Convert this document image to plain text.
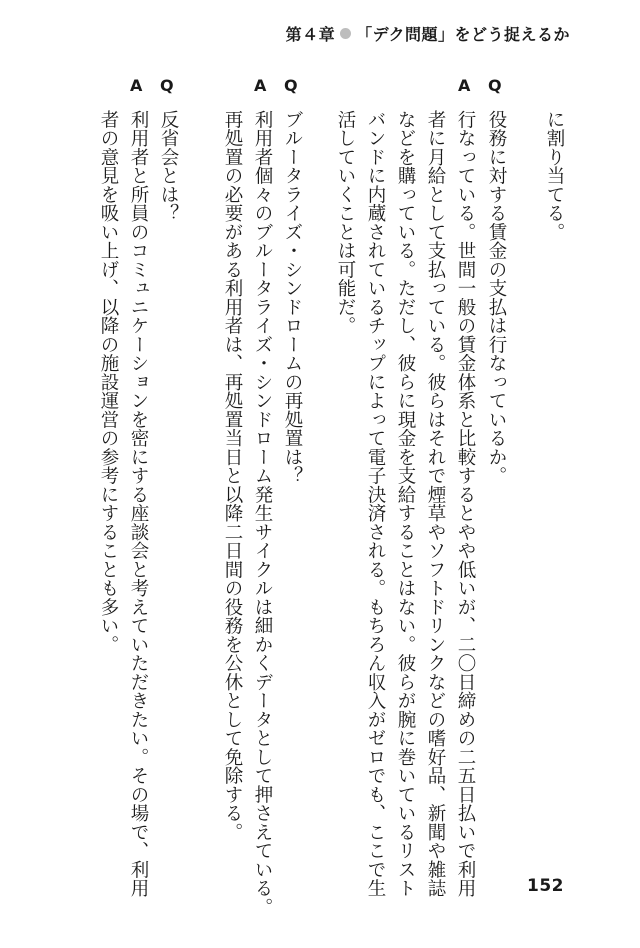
第４章 「デク問題」を どう捉えるか
Q
A
Q
A
Q
A
に割り当てる。
役務に対する賃金の支払は行なっているか。
行なっている。世間一般の賃金体系と比較するとやや低いが、二〇日締めの二五日払いで利用
者に月給として支払っている。彼らはそれで煙草やソフトドリンクなどの嗜好品、新聞や雑誌
などを購っている。ただし、彼らに現金を支給することはない。彼らが腕に巻いているリスト
バンドに内蔵されているチップによって電子決済される。もちろん収入がゼロでも、ここで生
活していくことは可能だ。
ブルータライズ・シンドロームの再処置は？
利用者個々のブルータライズ・シンドローム発生サイクルは細かくデータとして押さえている。
再処置の必要がある利用者は、再処置当日と以降二日間の役務を公休として免除する。
反省会とは？
利用者と所員のコミュニケーションを密にする座談会と考えていただきたい。その場で、利用
者の意見を吸い上げ、以降の施設運営の参考にすることも多い。
152
